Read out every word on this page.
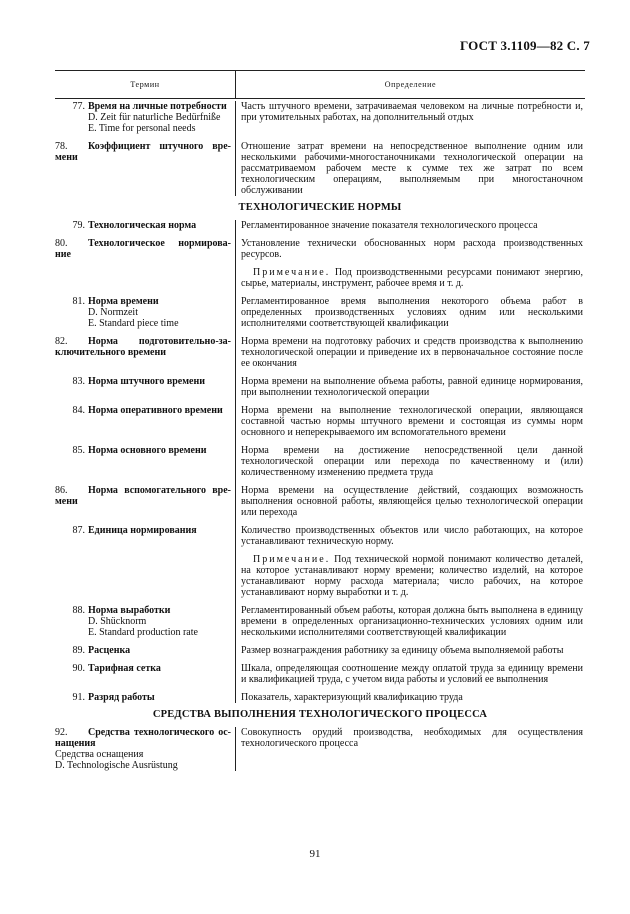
ГОСТ 3.1109—82 С. 7
Термин	Определение
77. Время на личные потребности
D. Zeit für naturliche Bedürfniße
E. Time for personal needs

Часть штучного времени, затрачиваемая человеком на личные потребности и, при утомительных работах, на дополнительный отдых

78. Коэффициент штучного вре-
мени

Отношение затрат времени на непосредственное выполнение одним или несколькими рабочими-многостаночниками технологической операции на рассматриваемом рабочем месте к сумме тех же затрат по всем технологическим операциям, выполняемым при многостаночном обслуживании

ТЕХНОЛОГИЧЕСКИЕ НОРМЫ
79. Технологическая норма	Регламентированное значение показателя технологического процесса

80. Технологическое нормирова-
ние

Установление технически обоснованных норм расхода производственных ресурсов.

Примечание. Под производственными ресурсами понимают энергию, сырье, материалы, инструмент, рабочее время и т. д.

81. Норма времени
D. Normzeit
E. Standard piece time

Регламентированное время выполнения некоторого объема работ в определенных производственных условиях одним или несколькими исполнителями соответствующей квалификации

82. Норма подготовительно-за-
ключительного времени

Норма времени на подготовку рабочих и средств производства к выполнению технологической операции и приведение их в первоначальное состояние после ее окончания

83. Норма штучного времени	Норма времени на выполнение объема работы, равной единице нормирования, при выполнении технологической операции

84. Норма оперативного времени	Норма времени на выполнение технологической операции, являющаяся составной частью нормы штучного времени и состоящая из суммы норм основного и неперекрываемого им вспомогательного времени

85. Норма основного времени	Норма времени на достижение непосредственной цели данной технологической операции или перехода по качественному и (или) количественному изменению предмета труда

86. Норма вспомогательного вре-
мени

Норма времени на осуществление действий, создающих возможность выполнения основной работы, являющейся целью технологической операции или перехода

87. Единица нормирования	Количество производственных объектов или число работающих, на которое устанавливают техническую норму.

Примечание. Под технической нормой понимают количество деталей, на которое устанавливают норму времени; количество изделий, на которое устанавливают норму расхода материала; число рабочих, на которое устанавливают норму выработки и т. д.

88. Норма выработки
D. Shücknorm
E. Standard production rate

Регламентированный объем работы, которая должна быть выполнена в единицу времени в определенных организационно-технических условиях одним или несколькими исполнителями соответствующей квалификации

89. Расценка	Размер вознаграждения работнику за единицу объема выполняемой работы

90. Тарифная сетка	Шкала, определяющая соотношение между оплатой труда за единицу времени и квалификацией труда, с учетом вида работы и условий ее выполнения

91. Разряд работы	Показатель, характеризующий квалификацию труда

СРЕДСТВА ВЫПОЛНЕНИЯ ТЕХНОЛОГИЧЕСКОГО ПРОЦЕССА
92. Средства технологического ос-
нащения
Средства оснащения
D. Technologische Ausrüstung

Совокупность орудий производства, необходимых для осуществления технологического процесса

91
